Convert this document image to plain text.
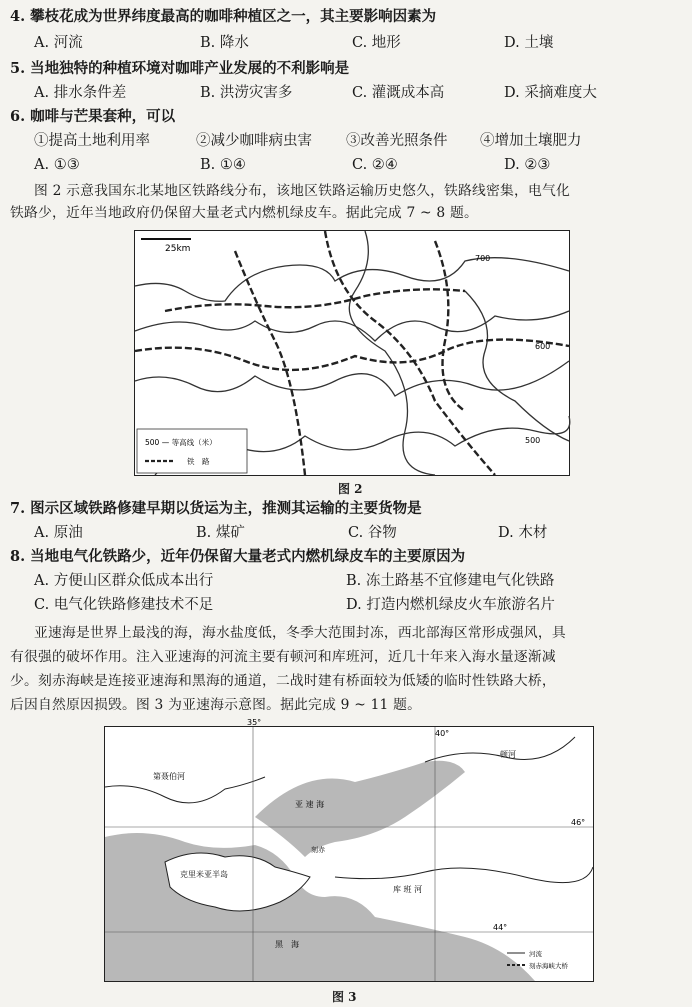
4. 攀枝花成为世界纬度最高的咖啡种植区之一，其主要影响因素为
A. 河流	B. 降水	C. 地形	D. 土壤
5. 当地独特的种植环境对咖啡产业发展的不利影响是
A. 排水条件差	B. 洪涝灾害多	C. 灌溉成本高	D. 采摘难度大
6. 咖啡与芒果套种，可以
①提高土地利用率	②减少咖啡病虫害 ③改善光照条件 ④增加土壤肥力
A. ①③	B. ①④	C. ②④	D. ②③
图 2 示意我国东北某地区铁路线分布，该地区铁路运输历史悠久，铁路线密集，电气化
铁路少，近年当地政府仍保留大量老式内燃机绿皮车。据此完成 7 ~ 8 题。
25km
700
600
500
500 — 等高线（米）
铁　路
图 2
7. 图示区域铁路修建早期以货运为主，推测其运输的主要货物是
A. 原油	B. 煤矿	C. 谷物	D. 木材
8. 当地电气化铁路少，近年仍保留大量老式内燃机绿皮车的主要原因为
A. 方便山区群众低成本出行	B. 冻土路基不宜修建电气化铁路
C. 电气化铁路修建技术不足	D. 打造内燃机绿皮火车旅游名片
亚速海是世界上最浅的海，海水盐度低，冬季大范围封冻，西北部海区常形成强风，具
有很强的破坏作用。注入亚速海的河流主要有顿河和库班河，近几十年来入海水量逐渐减
少。刻赤海峡是连接亚速海和黑海的通道，二战时建有桥面较为低矮的临时性铁路大桥，
后因自然原因损毁。图 3 为亚速海示意图。据此完成 9 ~ 11 题。
35°
40°
46°
44°
第聂伯河
顿河
亚 速 海
克里米亚半岛
刻赤
库 班 河
黑　海
河流
刻赤海峡大桥
图 3
